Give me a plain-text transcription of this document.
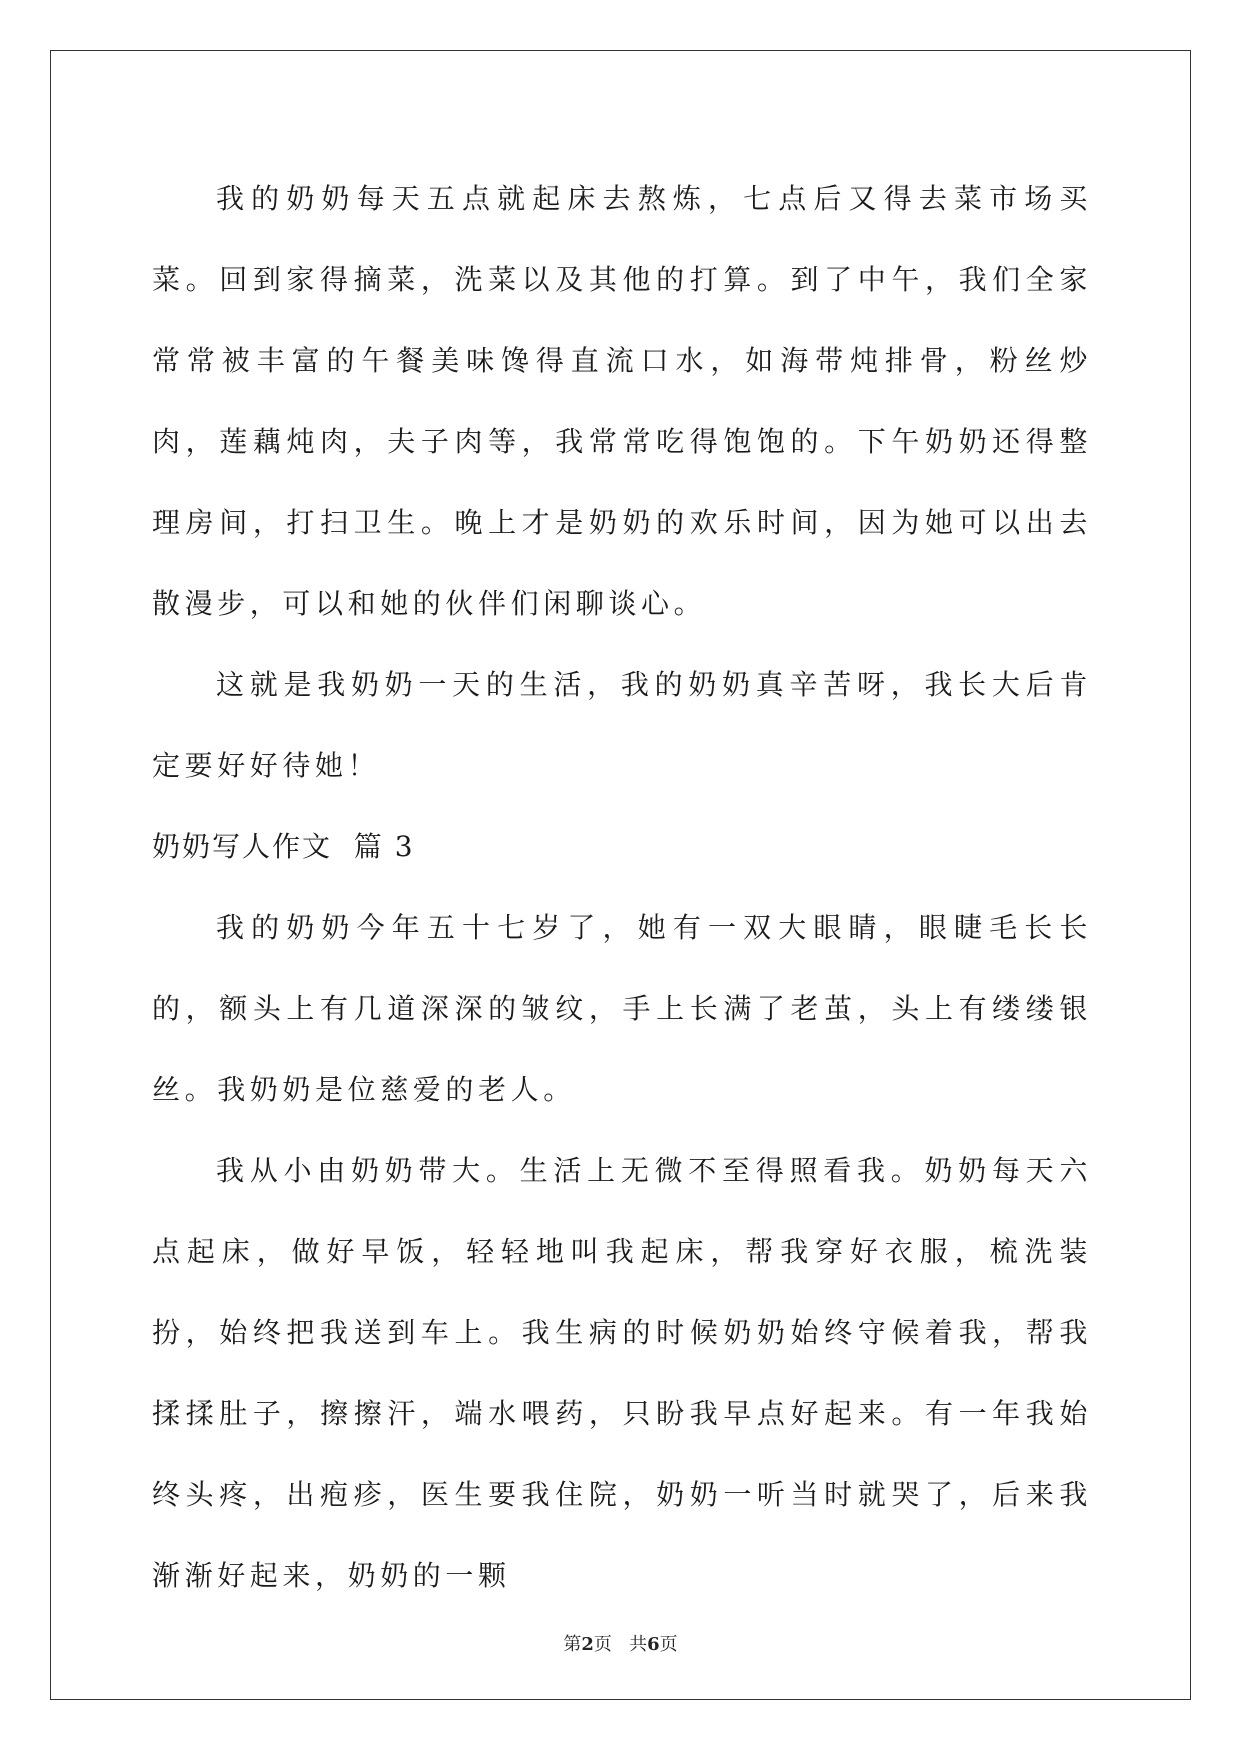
我的奶奶每天五点就起床去熬炼，七点后又得去菜市场买菜。回到家得摘菜，洗菜以及其他的打算。到了中午，我们全家常常被丰富的午餐美味馋得直流口水，如海带炖排骨，粉丝炒肉，莲藕炖肉，夫子肉等，我常常吃得饱饱的。下午奶奶还得整理房间，打扫卫生。晚上才是奶奶的欢乐时间，因为她可以出去散漫步，可以和她的伙伴们闲聊谈心。

这就是我奶奶一天的生活，我的奶奶真辛苦呀，我长大后肯定要好好待她！

奶奶写人作文  篇 3

我的奶奶今年五十七岁了，她有一双大眼睛，眼睫毛长长的，额头上有几道深深的皱纹，手上长满了老茧，头上有缕缕银丝。我奶奶是位慈爱的老人。

我从小由奶奶带大。生活上无微不至得照看我。奶奶每天六点起床，做好早饭，轻轻地叫我起床，帮我穿好衣服，梳洗装扮，始终把我送到车上。我生病的时候奶奶始终守候着我，帮我揉揉肚子，擦擦汗，端水喂药，只盼我早点好起来。有一年我始终头疼，出疱疹，医生要我住院，奶奶一听当时就哭了，后来我渐渐好起来，奶奶的一颗

第2页   共6页
